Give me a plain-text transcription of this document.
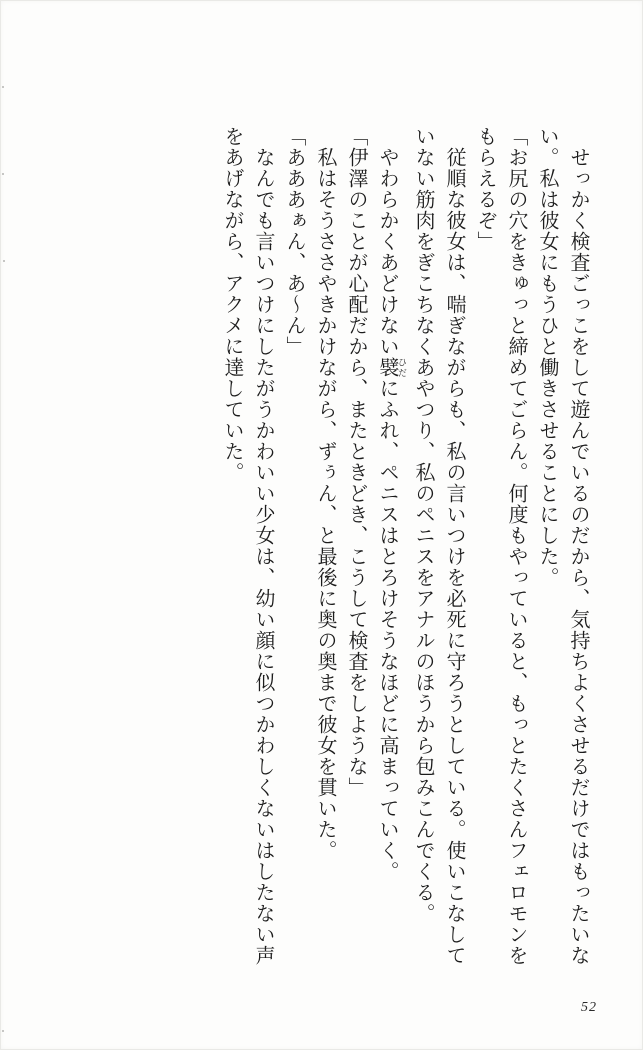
せっかく検査ごっこをして遊んでいるのだから、気持ちよくさせるだけではもったいない。私は彼女にもうひと働きさせることにした。

「お尻の穴をきゅっと締めてごらん。何度もやっていると、もっとたくさんフェロモンをもらえるぞ」

従順な彼女は、喘ぎながらも、私の言いつけを必死に守ろうとしている。使いこなしていない筋肉をぎこちなくあやつり、私のペニスをアナルのほうから包みこんでくる。

やわらかくあどけない襞 ひだにふれ、ペニスはとろけそうなほどに高まっていく。

「伊澤のことが心配だから、またときどき、こうして検査をしような」

私はそうささやきかけながら、ずぅん、と最後に奥の奥まで彼女を貫いた。

「あああぁん、あ〜ん」

なんでも言いつけにしたがうかわいい少女は、幼い顔に似つかわしくないはしたない声をあげながら、アクメに達していた。

52
